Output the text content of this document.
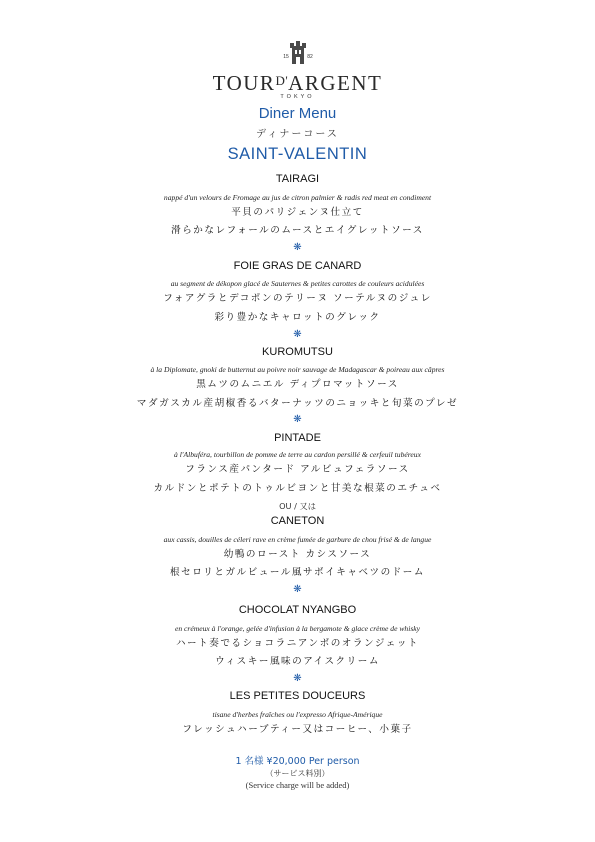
15	82
$TOUR^{D'}ARGENT$
TOKYO
Diner Menu
ディナーコース
SAINT-VALENTIN
TAIRAGI
nappé d'un velours de Fromage au jus de citron palmier & radis red meat en condiment
平貝のパリジェンヌ仕立て
滑らかなレフォールのムースとエイグレットソース
❋
FOIE GRAS DE CANARD
au segment de dékopon glacé de Sauternes & petites carottes de couleurs acidulées
フォアグラとデコポンのテリーヌ ソーテルヌのジュレ
彩り豊かなキャロットのグレック
❋
KUROMUTSU
à la Diplomate, gnoki de butternut au poivre noir sauvage de Madagascar & poireau aux câpres
黒ムツのムニエル ディプロマットソース
マダガスカル産胡椒香るバターナッツのニョッキと旬菜のプレゼ
❋
PINTADE
à l'Albuféra, tourbillon de pomme de terre au cardon persillé & cerfeuil tubéreux
フランス産パンタード アルビュフェラソース
カルドンとポテトのトゥルビヨンと甘美な根菜のエチュベ
OU / 又は
CANETON
aux cassis, douilles de céleri rave en crème fumée de garbure de chou frisé & de langue
幼鴨のロースト カシスソース
根セロリとガルビュール風サボイキャベツのドーム
❋
CHOCOLAT NYANGBO
en crémeux à l'orange, gelée d'infusion à la bergamote & glace crème de whisky
ハート奏でるショコラニアンボのオランジェット
ウィスキー風味のアイスクリーム
❋
LES PETITES DOUCEURS
tisane d'herbes fraîches ou l'expresso Afrique-Amérique
フレッシュハーブティー又はコーヒー、小菓子
1 名様 ¥20,000 Per person
（サービス料別）
(Service charge will be added)
